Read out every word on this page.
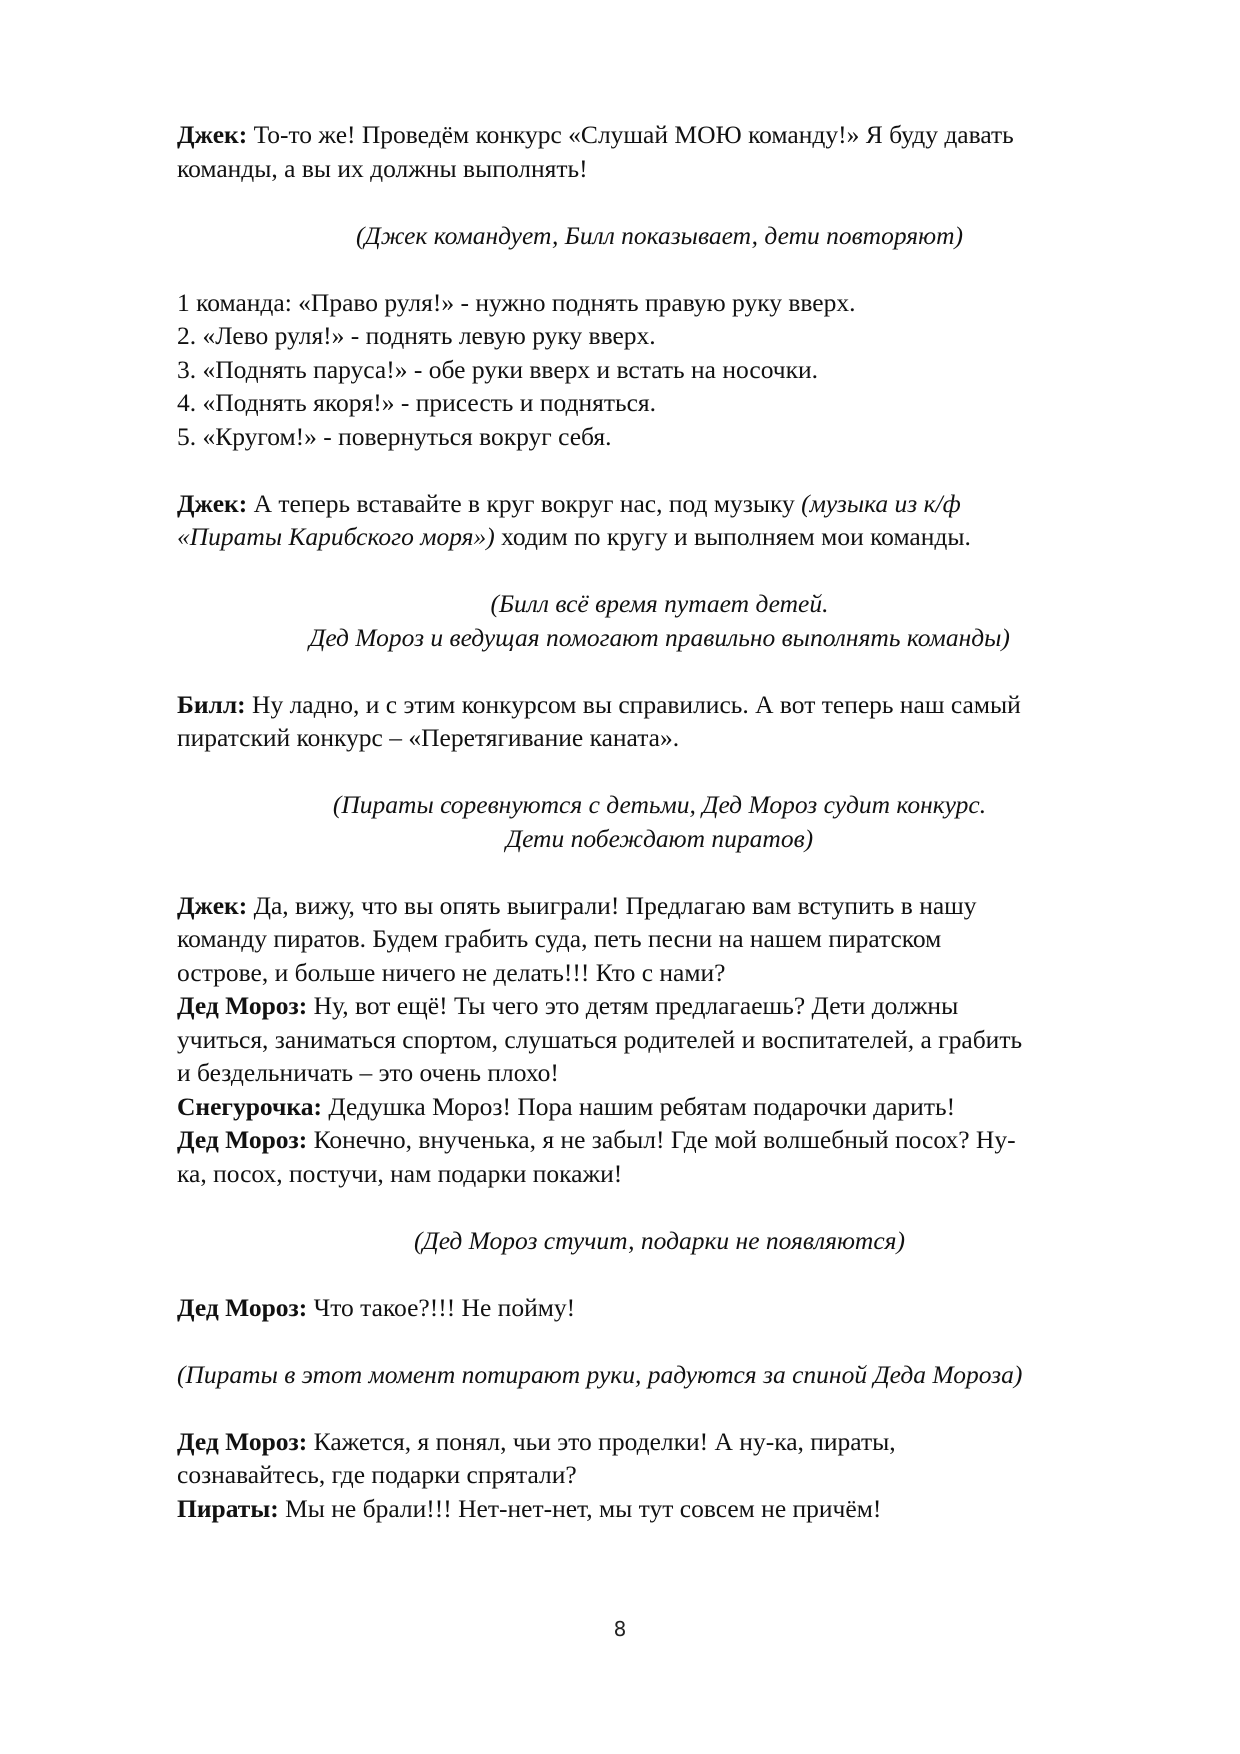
Джек: То-то же! Проведём конкурс «Слушай МОЮ команду!» Я буду давать

команды, а вы их должны выполнять!

(Джек командует, Билл показывает, дети повторяют)

1 команда: «Право руля!» - нужно поднять правую руку вверх.

2. «Лево руля!» - поднять левую руку вверх.

3. «Поднять паруса!» - обе руки вверх и встать на носочки.

4. «Поднять якоря!» - присесть и подняться.

5. «Кругом!» - повернуться вокруг себя.

Джек: А теперь вставайте в круг вокруг нас, под музыку (музыка из к/ф

«Пираты Карибского моря») ходим по кругу и выполняем мои команды.

(Билл всё время путает детей.

Дед Мороз и ведущая помогают правильно выполнять команды)

Билл: Ну ладно, и с этим конкурсом вы справились. А вот теперь наш самый

пиратский конкурс – «Перетягивание каната».

(Пираты соревнуются с детьми, Дед Мороз судит конкурс.

Дети побеждают пиратов)

Джек: Да, вижу, что вы опять выиграли! Предлагаю вам вступить в нашу

команду пиратов. Будем грабить суда, петь песни на нашем пиратском

острове, и больше ничего не делать!!! Кто с нами?

Дед Мороз: Ну, вот ещё! Ты чего это детям предлагаешь? Дети должны

учиться, заниматься спортом, слушаться родителей и воспитателей, а грабить

и бездельничать – это очень плохо!

Снегурочка: Дедушка Мороз! Пора нашим ребятам подарочки дарить!

Дед Мороз: Конечно, внученька, я не забыл! Где мой волшебный посох? Ну-

ка, посох, постучи, нам подарки покажи!

(Дед Мороз стучит, подарки не появляются)

Дед Мороз: Что такое?!!! Не пойму!

(Пираты в этот момент потирают руки, радуются за спиной Деда Мороза)

Дед Мороз: Кажется, я понял, чьи это проделки! А ну-ка, пираты,

сознавайтесь, где подарки спрятали?

Пираты: Мы не брали!!! Нет-нет-нет, мы тут совсем не причём!

8
